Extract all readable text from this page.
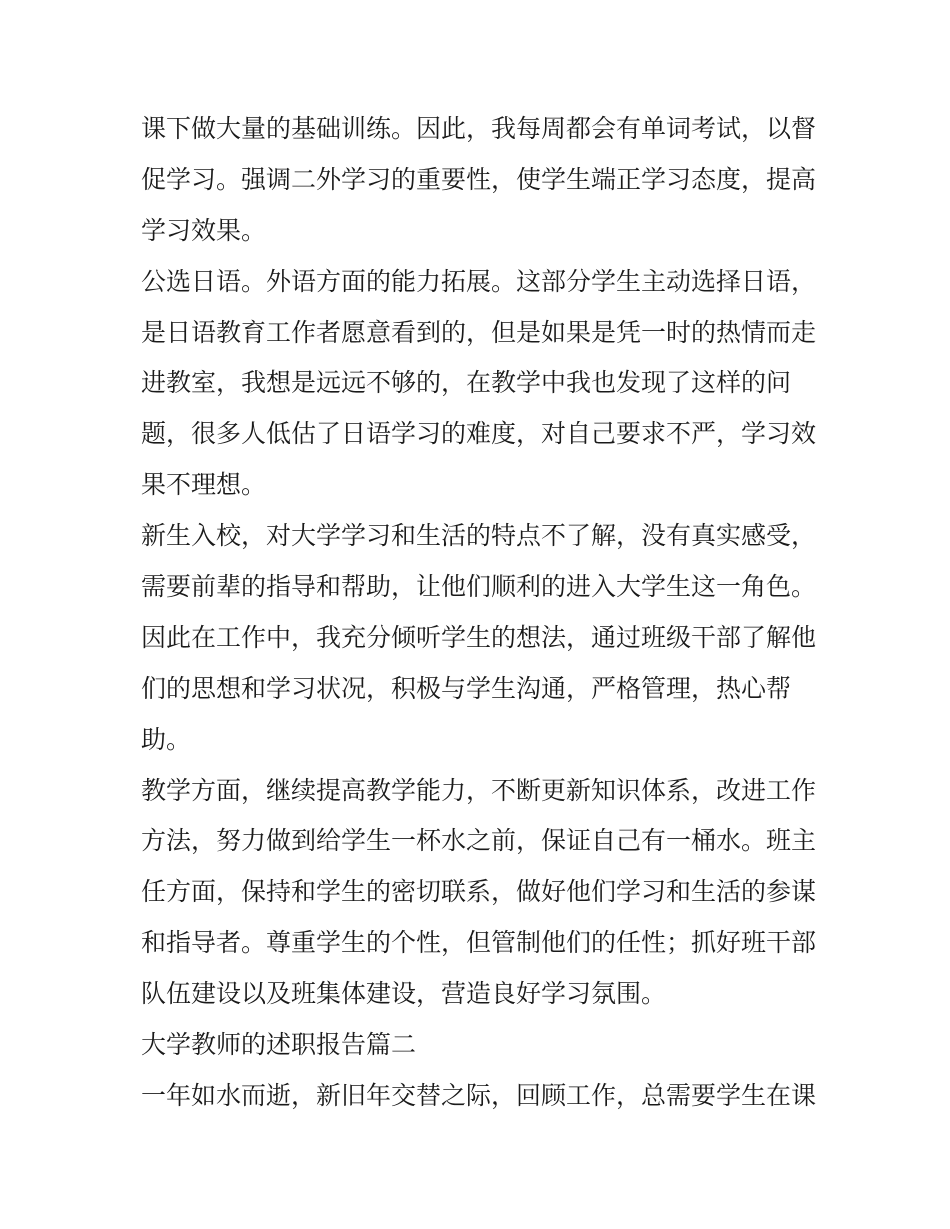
课下做大量的基础训练。因此，我每周都会有单词考试，以督
促学习。强调二外学习的重要性，使学生端正学习态度，提高
学习效果。
公选日语。外语方面的能力拓展。这部分学生主动选择日语，
是日语教育工作者愿意看到的，但是如果是凭一时的热情而走
进教室，我想是远远不够的，在教学中我也发现了这样的问
题，很多人低估了日语学习的难度，对自己要求不严，学习效
果不理想。
新生入校，对大学学习和生活的特点不了解，没有真实感受，
需要前辈的指导和帮助，让他们顺利的进入大学生这一角色。
因此在工作中，我充分倾听学生的想法，通过班级干部了解他
们的思想和学习状况，积极与学生沟通，严格管理，热心帮
助。
教学方面，继续提高教学能力，不断更新知识体系，改进工作
方法，努力做到给学生一杯水之前，保证自己有一桶水。班主
任方面，保持和学生的密切联系，做好他们学习和生活的参谋
和指导者。尊重学生的个性，但管制他们的任性；抓好班干部
队伍建设以及班集体建设，营造良好学习氛围。
大学教师的述职报告篇二
一年如水而逝，新旧年交替之际，回顾工作，总需要学生在课
